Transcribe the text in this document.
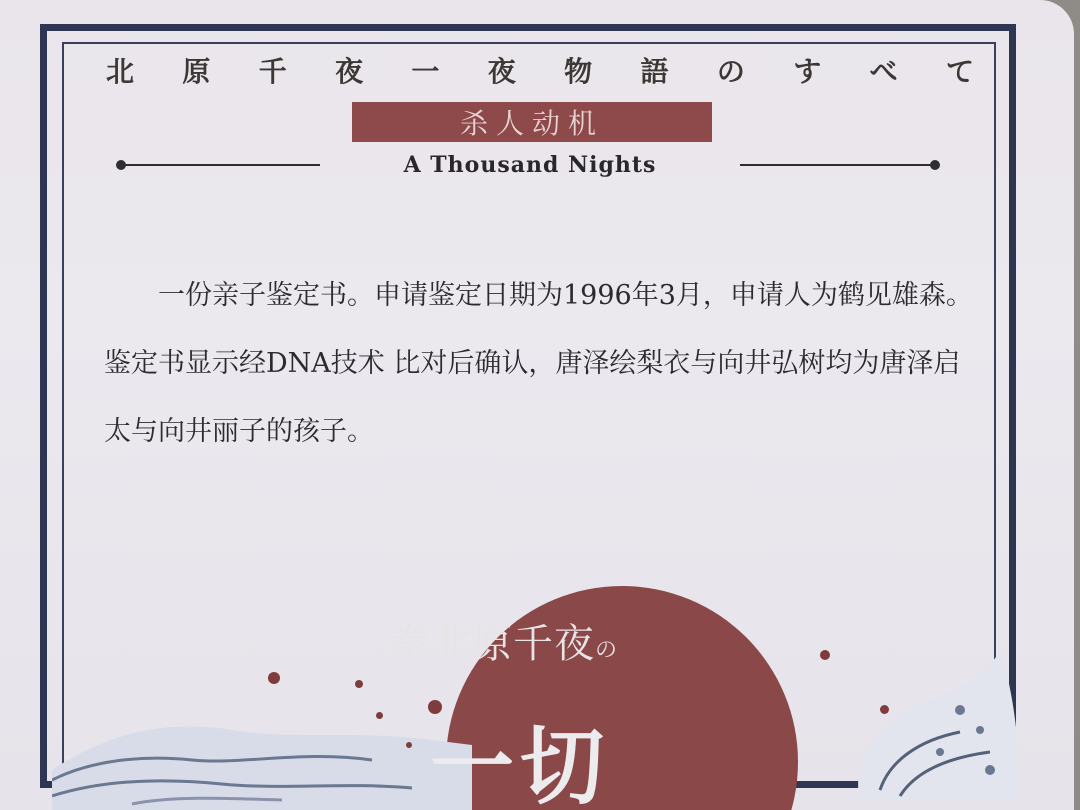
北 原 千 夜 一 夜 物 語 の す べ て
杀人动机
A Thousand Nights

一份亲子鉴定书。申请鉴定日期为1996年3月，申请人为鹤见雄森。鉴定书显示经DNA技术 比对后确认，唐泽绘梨衣与向井弘树均为唐泽启太与向井丽子的孩子。

拳北原千夜の
一切
